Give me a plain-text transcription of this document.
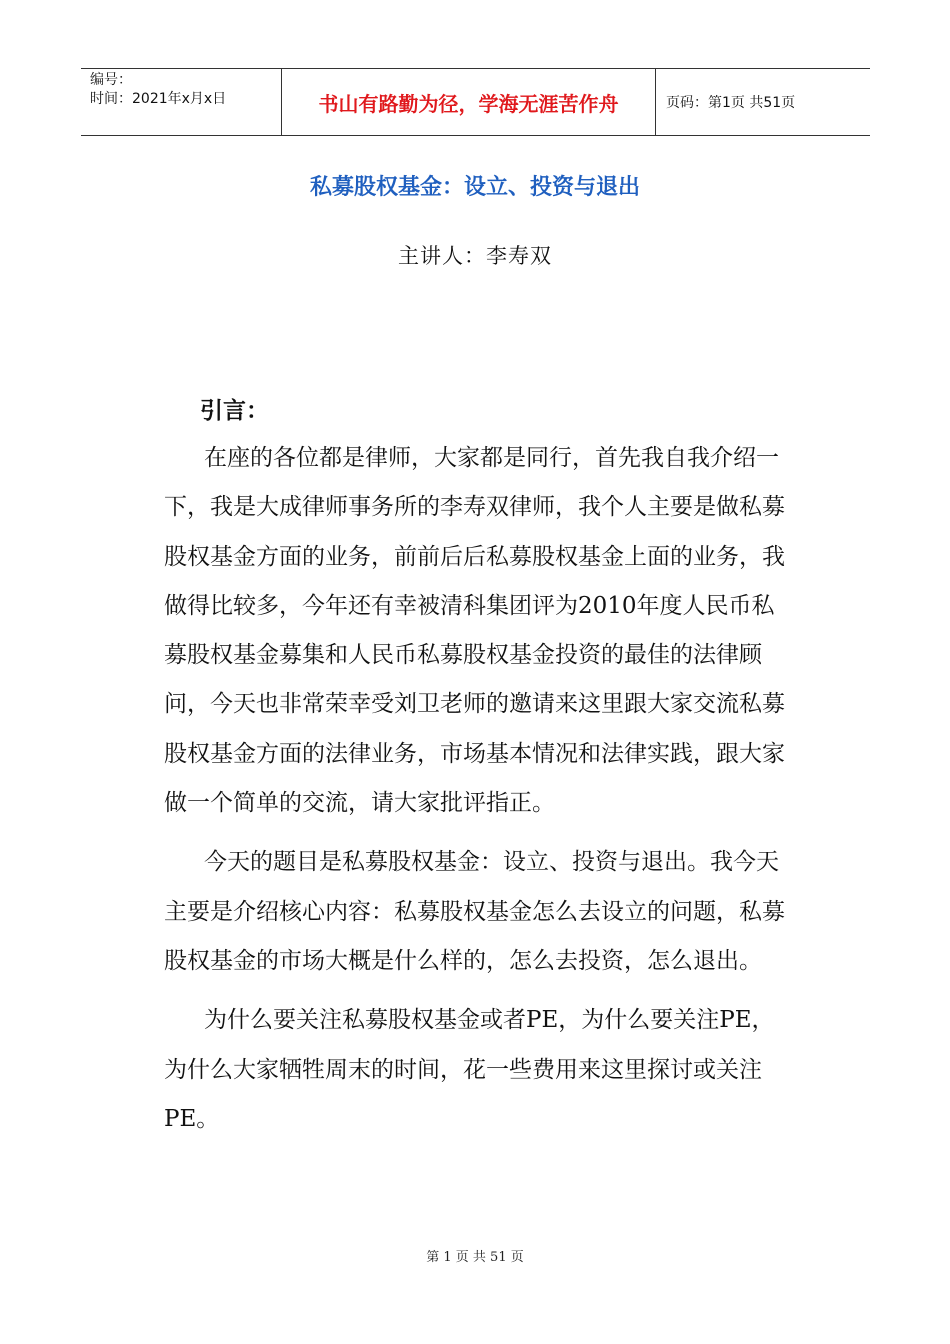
编号：
时间：2021年x月x日	书山有路勤为径，学海无涯苦作舟	页码：第1页 共51页
私募股权基金：设立、投资与退出
主讲人：李寿双
引言：

在座的各位都是律师，大家都是同行，首先我自我介绍一下，我是大成律师事务所的李寿双律师，我个人主要是做私募股权基金方面的业务，前前后后私募股权基金上面的业务，我做得比较多，今年还有幸被清科集团评为2010年度人民币私募股权基金募集和人民币私募股权基金投资的最佳的法律顾问，今天也非常荣幸受刘卫老师的邀请来这里跟大家交流私募股权基金方面的法律业务，市场基本情况和法律实践，跟大家做一个简单的交流，请大家批评指正。

今天的题目是私募股权基金：设立、投资与退出。我今天主要是介绍核心内容：私募股权基金怎么去设立的问题，私募股权基金的市场大概是什么样的，怎么去投资，怎么退出。

为什么要关注私募股权基金或者PE，为什么要关注PE，为什么大家牺牲周末的时间，花一些费用来这里探讨或关注PE。

第 1 页 共 51 页
